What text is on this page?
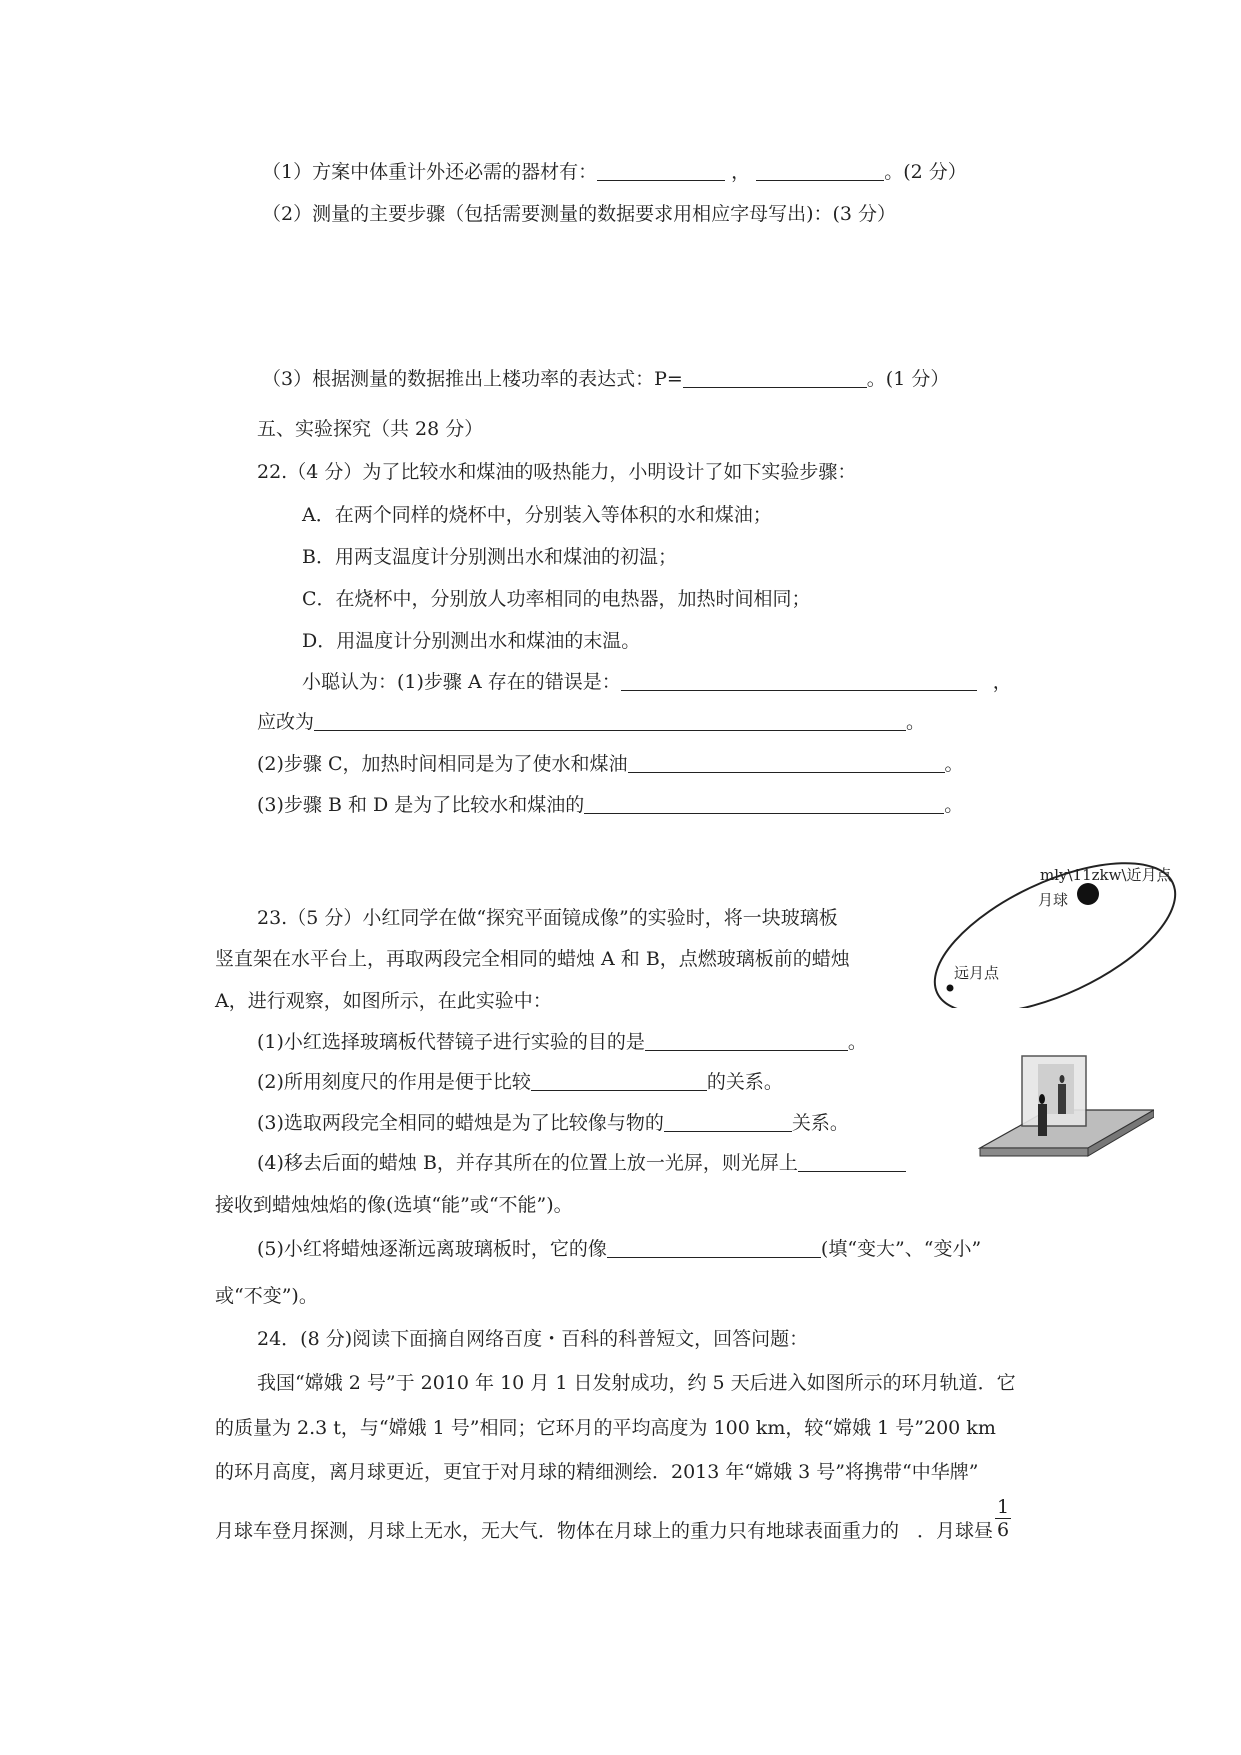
（1）方案中体重计外还必需的器材有：	，	。(2 分）
（2）测量的主要步骤（包括需要测量的数据要求用相应字母写出)：(3 分）
（3）根据测量的数据推出上楼功率的表达式：P=	。(1 分）
五、实验探究（共 28 分）
22.（4 分）为了比较水和煤油的吸热能力，小明设计了如下实验步骤：
A．在两个同样的烧杯中，分别装入等体积的水和煤油；
B．用两支温度计分别测出水和煤油的初温；
C．在烧杯中，分别放人功率相同的电热器，加热时间相同；
D．用温度计分别测出水和煤油的末温。
小聪认为：(1)步骤 A 存在的错误是：	，
应改为	。
(2)步骤 C，加热时间相同是为了使水和煤油	。
(3)步骤 B 和 D 是为了比较水和煤油的	。
mly\11zkw\近月点
月球
远月点
23.（5 分）小红同学在做“探究平面镜成像”的实验时，将一块玻璃板
竖直架在水平台上，再取两段完全相同的蜡烛 A 和 B，点燃玻璃板前的蜡烛
A，进行观察，如图所示，在此实验中：
(1)小红选择玻璃板代替镜子进行实验的目的是	。
(2)所用刻度尺的作用是便于比较	的关系。
(3)选取两段完全相同的蜡烛是为了比较像与物的	关系。
(4)移去后面的蜡烛 B，并存其所在的位置上放一光屏，则光屏上
接收到蜡烛烛焰的像(选填“能”或“不能”)。
(5)小红将蜡烛逐渐远离玻璃板时，它的像	(填“变大”、“变小”
或“不变”)。
24．(8 分)阅读下面摘自网络百度・百科的科普短文，回答问题：
我国“嫦娥 2 号”于 2010 年 10 月 1 日发射成功，约 5 天后进入如图所示的环月轨道．它
的质量为 2.3 t，与“嫦娥 1 号”相同；它环月的平均高度为 100 km，较“嫦娥 1 号”200 km
的环月高度，离月球更近，更宜于对月球的精细测绘．2013 年“嫦娥 3 号”将携带“中华牌”
月球车登月探测，月球上无水，无大气．物体在月球上的重力只有地球表面重力的 ．月球昼
1
6
